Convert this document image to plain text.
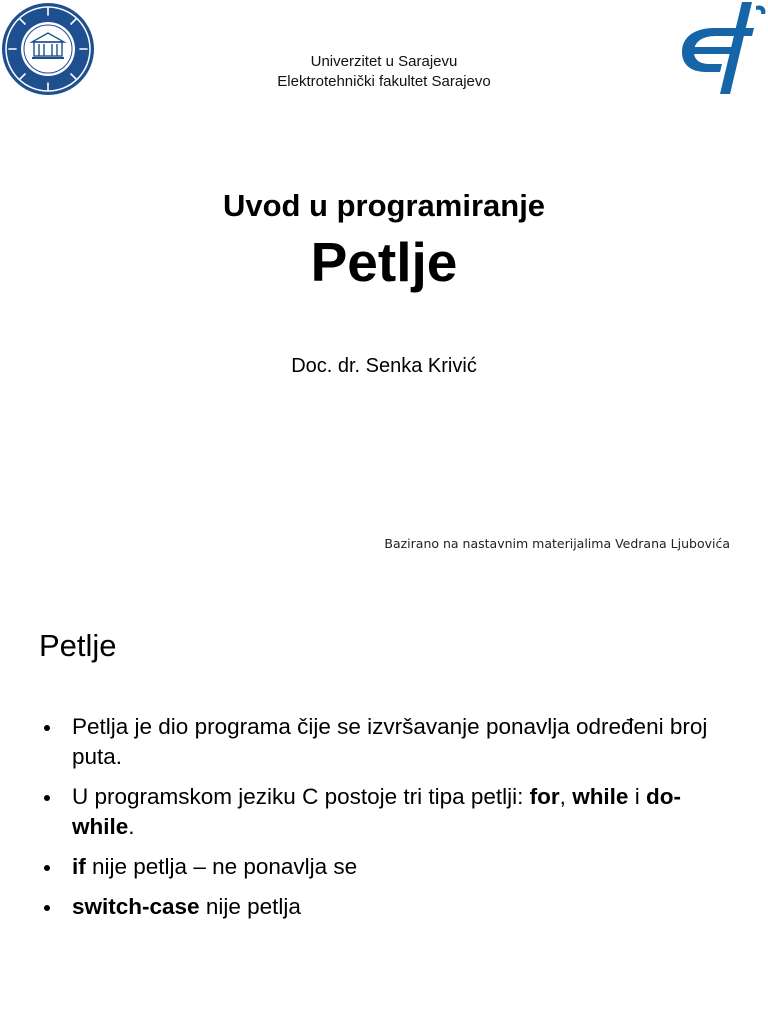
Univerzitet u Sarajevu
Elektrotehnički fakultet Sarajevo
Uvod u programiranje
Petlje
Doc. dr. Senka Krivić
Bazirano na nastavnim materijalima Vedrana Ljubovića
Petlje
Petlja je dio programa čije se izvršavanje ponavlja određeni broj puta.
U programskom jeziku C postoje tri tipa petlji: for, while i do-while.
if nije petlja – ne ponavlja se
switch-case nije petlja
